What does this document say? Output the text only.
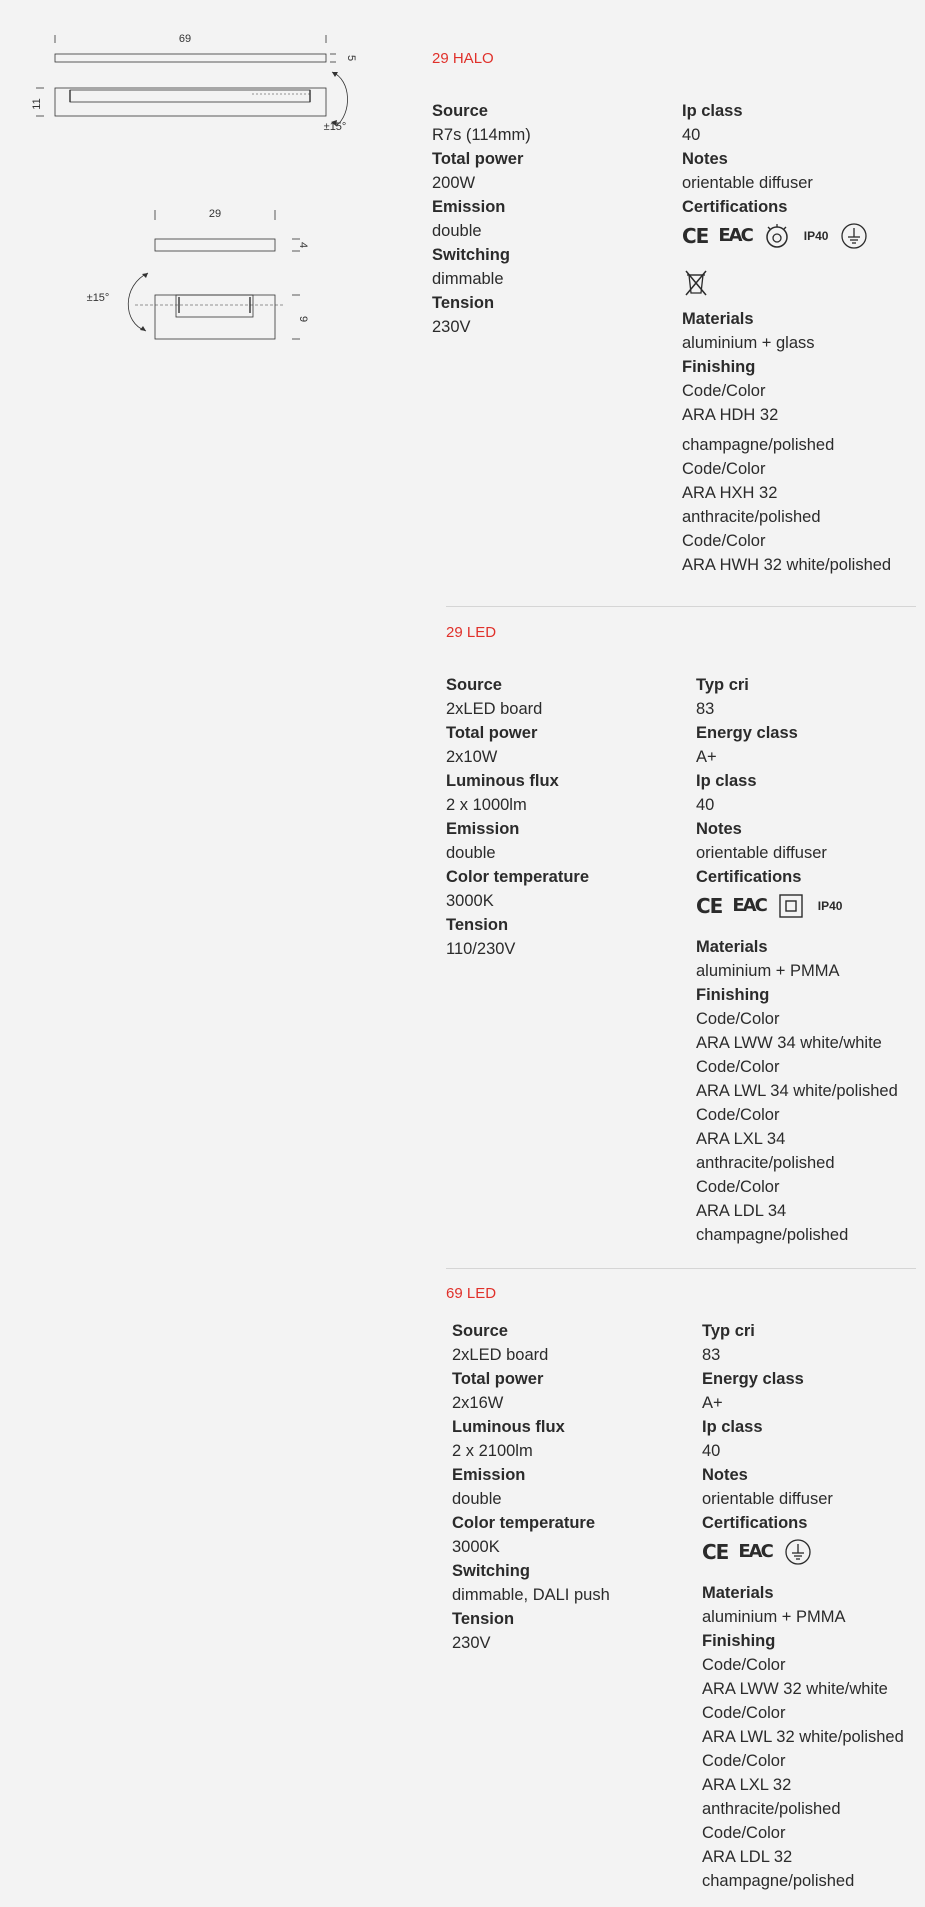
69
5
11
±15°
29
4
9
±15°
29 HALO
Source
R7s (114mm)
Total power
200W
Emission
double
Switching
dimmable
Tension
230V
Ip class
40
Notes
orientable diffuser
Certifications
CE EAC	IP40
Materials
aluminium + glass
Finishing
Code/Color
ARA HDH 32
champagne/polished
Code/Color
ARA HXH 32
anthracite/polished
Code/Color
ARA HWH 32 white/polished
29 LED
Source
2xLED board
Total power
2x10W
Luminous flux
2 x 1000lm
Emission
double
Color temperature
3000K
Tension
110/230V
Typ cri
83
Energy class
A+
Ip class
40
Notes
orientable diffuser
Certifications
CE EAC	IP40
Materials
aluminium + PMMA
Finishing
Code/Color
ARA LWW 34 white/white
Code/Color
ARA LWL 34 white/polished
Code/Color
ARA LXL 34
anthracite/polished
Code/Color
ARA LDL 34
champagne/polished
69 LED
Source
2xLED board
Total power
2x16W
Luminous flux
2 x 2100lm
Emission
double
Color temperature
3000K
Switching
dimmable, DALI push
Tension
230V
Typ cri
83
Energy class
A+
Ip class
40
Notes
orientable diffuser
Certifications
CE EAC
Materials
aluminium + PMMA
Finishing
Code/Color
ARA LWW 32 white/white
Code/Color
ARA LWL 32 white/polished
Code/Color
ARA LXL 32
anthracite/polished
Code/Color
ARA LDL 32
champagne/polished
